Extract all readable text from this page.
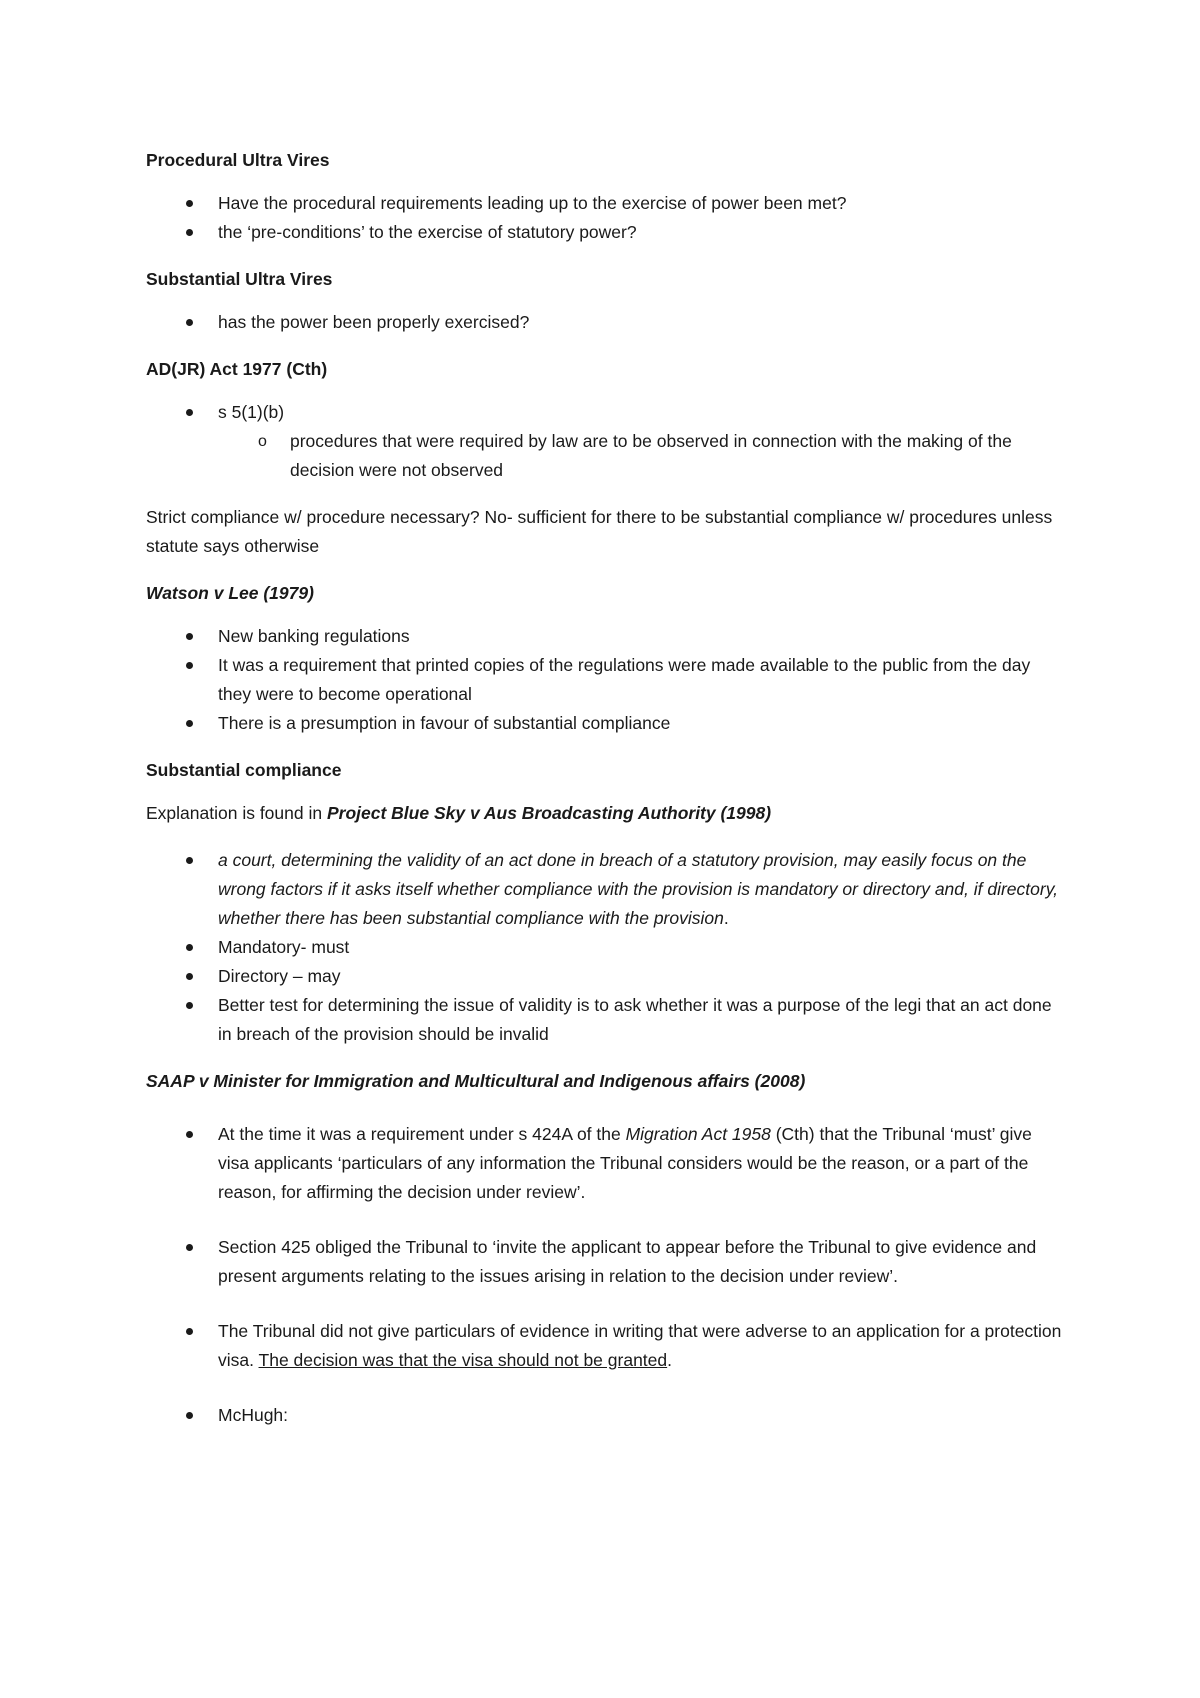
Procedural Ultra Vires

Have the procedural requirements leading up to the exercise of power been met?
the ‘pre-conditions’ to the exercise of statutory power?

Substantial Ultra Vires

has the power been properly exercised?

AD(JR) Act 1977 (Cth)

s 5(1)(b)
o procedures that were required by law are to be observed in connection with the making of the decision were not observed

Strict compliance w/ procedure necessary? No- sufficient for there to be substantial compliance w/ procedures unless statute says otherwise

Watson v Lee (1979)

New banking regulations
It was a requirement that printed copies of the regulations were made available to the public from the day they were to become operational
There is a presumption in favour of substantial compliance

Substantial compliance

Explanation is found in Project Blue Sky v Aus Broadcasting Authority (1998)

a court, determining the validity of an act done in breach of a statutory provision, may easily focus on the wrong factors if it asks itself whether compliance with the provision is mandatory or directory and, if directory, whether there has been substantial compliance with the provision.
Mandatory- must
Directory – may
Better test for determining the issue of validity is to ask whether it was a purpose of the legi that an act done in breach of the provision should be invalid

SAAP v Minister for Immigration and Multicultural and Indigenous affairs (2008)

At the time it was a requirement under s 424A of the Migration Act 1958 (Cth) that the Tribunal ‘must’ give visa applicants ‘particulars of any information the Tribunal considers would be the reason, or a part of the reason, for affirming the decision under review’.
Section 425 obliged the Tribunal to ‘invite the applicant to appear before the Tribunal to give evidence and present arguments relating to the issues arising in relation to the decision under review’.
The Tribunal did not give particulars of evidence in writing that were adverse to an application for a protection visa. The decision was that the visa should not be granted.
McHugh:
